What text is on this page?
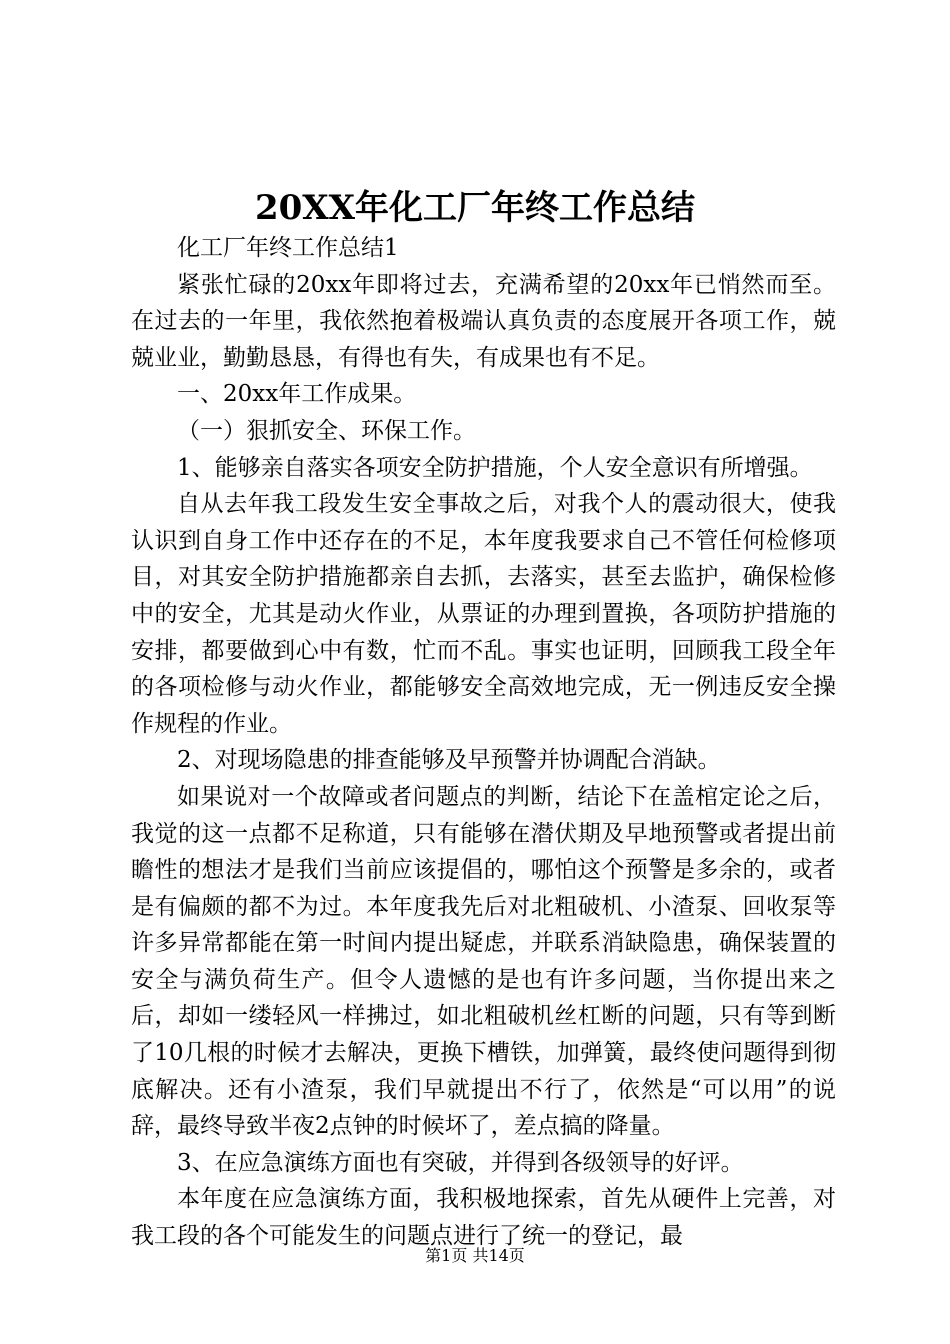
20XX年化工厂年终工作总结

化工厂年终工作总结1

紧张忙碌的20xx年即将过去，充满希望的20xx年已悄然而至。在过去的一年里，我依然抱着极端认真负责的态度展开各项工作，兢兢业业，勤勤恳恳，有得也有失，有成果也有不足。

一、20xx年工作成果。

（一）狠抓安全、环保工作。

1、能够亲自落实各项安全防护措施，个人安全意识有所增强。

自从去年我工段发生安全事故之后，对我个人的震动很大，使我认识到自身工作中还存在的不足，本年度我要求自己不管任何检修项目，对其安全防护措施都亲自去抓，去落实，甚至去监护，确保检修中的安全，尤其是动火作业，从票证的办理到置换，各项防护措施的安排，都要做到心中有数，忙而不乱。事实也证明，回顾我工段全年的各项检修与动火作业，都能够安全高效地完成，无一例违反安全操作规程的作业。

2、对现场隐患的排查能够及早预警并协调配合消缺。

如果说对一个故障或者问题点的判断，结论下在盖棺定论之后，我觉的这一点都不足称道，只有能够在潜伏期及早地预警或者提出前瞻性的想法才是我们当前应该提倡的，哪怕这个预警是多余的，或者是有偏颇的都不为过。本年度我先后对北粗破机、小渣泵、回收泵等许多异常都能在第一时间内提出疑虑，并联系消缺隐患，确保装置的安全与满负荷生产。但令人遗憾的是也有许多问题，当你提出来之后，却如一缕轻风一样拂过，如北粗破机丝杠断的问题，只有等到断了10几根的时候才去解决，更换下槽铁，加弹簧，最终使问题得到彻底解决。还有小渣泵，我们早就提出不行了，依然是“可以用”的说辞，最终导致半夜2点钟的时候坏了，差点搞的降量。

3、在应急演练方面也有突破，并得到各级领导的好评。

本年度在应急演练方面，我积极地探索，首先从硬件上完善，对我工段的各个可能发生的问题点进行了统一的登记，最

第1页 共14页
